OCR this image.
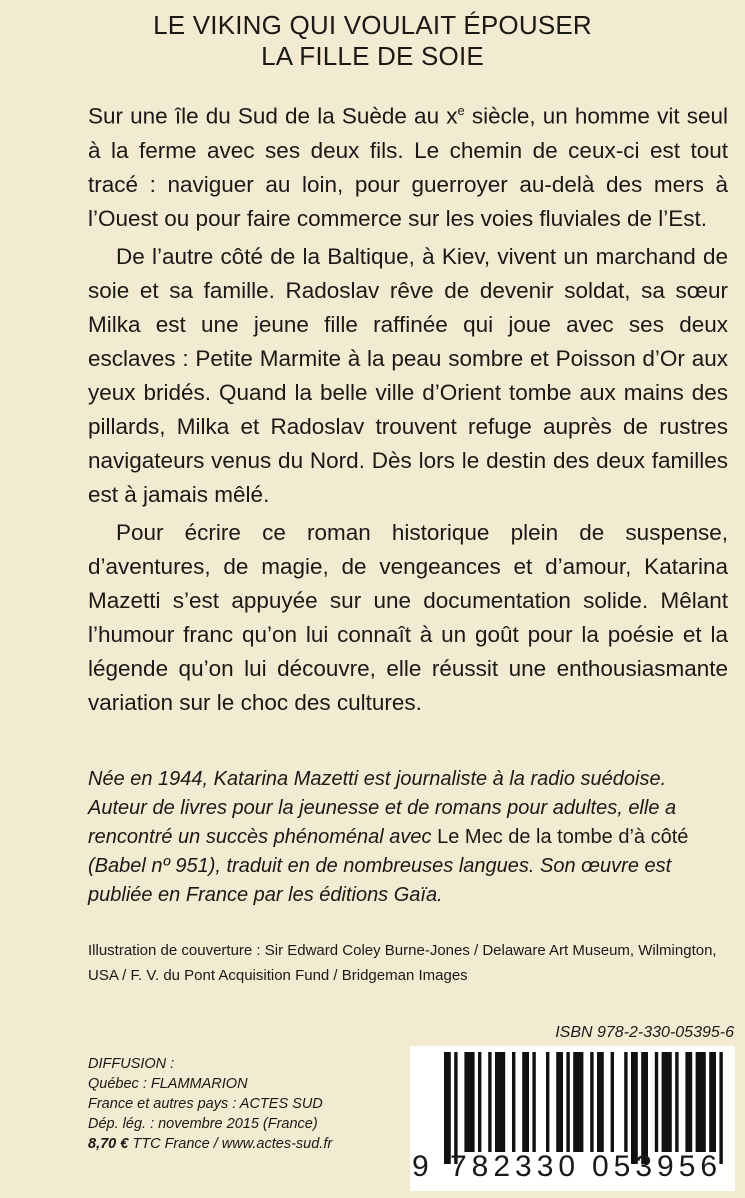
LE VIKING QUI VOULAIT ÉPOUSER
LA FILLE DE SOIE

Sur une île du Sud de la Suède au $x^e$ siècle, un homme vit seul à la ferme avec ses deux fils. Le chemin de ceux-ci est tout tracé : naviguer au loin, pour guerroyer au-delà des mers à l’Ouest ou pour faire commerce sur les voies fluviales de l’Est.

De l’autre côté de la Baltique, à Kiev, vivent un marchand de soie et sa famille. Radoslav rêve de devenir soldat, sa sœur Milka est une jeune fille raffinée qui joue avec ses deux esclaves : Petite Marmite à la peau sombre et Poisson d’Or aux yeux bridés. Quand la belle ville d’Orient tombe aux mains des pillards, Milka et Radoslav trouvent refuge auprès de rustres navigateurs venus du Nord. Dès lors le destin des deux familles est à jamais mêlé.

Pour écrire ce roman historique plein de suspense, d’aventures, de magie, de vengeances et d’amour, Katarina Mazetti s’est appuyée sur une documentation solide. Mêlant l’humour franc qu’on lui connaît à un goût pour la poésie et la légende qu’on lui découvre, elle réussit une enthousiasmante variation sur le choc des cultures.

Née en 1944, Katarina Mazetti est journaliste à la radio suédoise. Auteur de livres pour la jeunesse et de romans pour adultes, elle a rencontré un succès phénoménal avec Le Mec de la tombe d’à côté (Babel nº 951), traduit en de nombreuses langues. Son œuvre est publiée en France par les éditions Gaïa.

Illustration de couverture : Sir Edward Coley Burne-Jones / Delaware Art Museum, Wilmington, USA / F. V. du Pont Acquisition Fund / Bridgeman Images

ISBN 978-2-330-05395-6
DIFFUSION :
Québec : FLAMMARION
France et autres pays : ACTES SUD
Dép. lég. : novembre 2015 (France)
8,70 € TTC France / www.actes-sud.fr
9 782330 053956
